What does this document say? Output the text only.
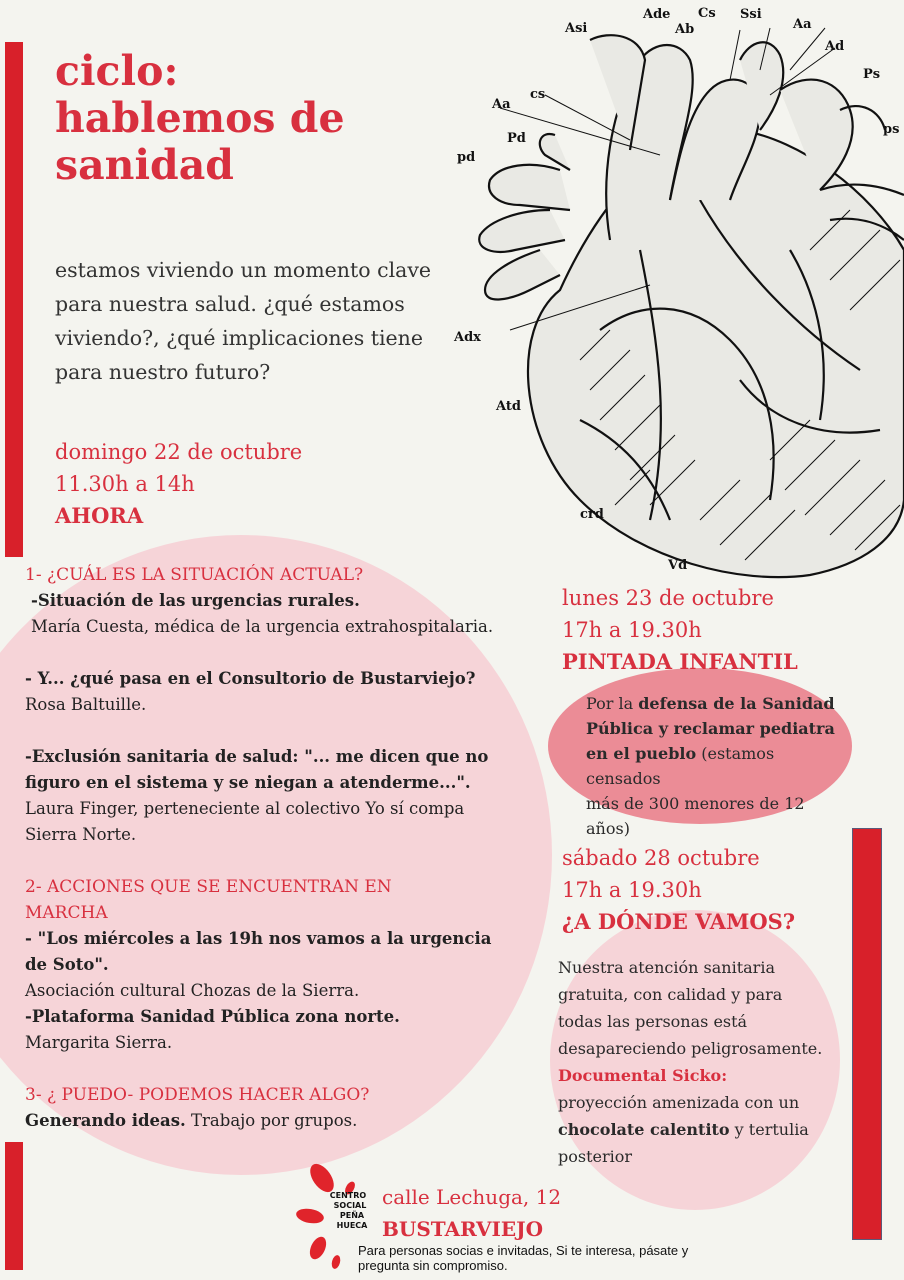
Asi
Ade Cs Ssi
Aa
Ab
Ad
Ps
Aa
cs
Pd
pd
ps
Adx
Atd
crd
Vd
ciclo:
hablemos de
sanidad
estamos viviendo un momento clave
para nuestra salud. ¿qué estamos
viviendo?, ¿qué implicaciones tiene
para nuestro futuro?
domingo 22 de octubre
11.30h a 14h
AHORA
1- ¿CUÁL ES LA SITUACIÓN ACTUAL?
-Situación de las urgencias rurales.
María Cuesta, médica de la urgencia extrahospitalaria.
- Y... ¿qué pasa en el Consultorio de Bustarviejo?
Rosa Baltuille.
-Exclusión sanitaria de salud: "... me dicen que no
figuro en el sistema y se niegan a atenderme...".
Laura Finger, perteneciente al colectivo Yo sí compa
Sierra Norte.
2- ACCIONES QUE SE ENCUENTRAN EN
MARCHA
- "Los miércoles a las 19h nos vamos a la urgencia
de Soto".
Asociación cultural Chozas de la Sierra.
-Plataforma Sanidad Pública zona norte.
Margarita Sierra.
3- ¿ PUEDO- PODEMOS HACER ALGO?
Generando ideas. Trabajo por grupos.
lunes 23 de octubre
17h a 19.30h
PINTADA INFANTIL
Por la defensa de la Sanidad
Pública y reclamar pediatra
en el pueblo (estamos censados
más de 300 menores de 12 años)
sábado 28 octubre
17h a 19.30h
¿A DÓNDE VAMOS?
Nuestra atención sanitaria
gratuita, con calidad y para
todas las personas está
desapareciendo peligrosamente.
Documental Sicko:
proyección amenizada con un
chocolate calentito y tertulia
posterior
CENTRO
SOCIAL
PEÑA
HUECA
calle Lechuga, 12
BUSTARVIEJO
Para personas socias e invitadas, Si te interesa, pásate y
pregunta sin compromiso.
